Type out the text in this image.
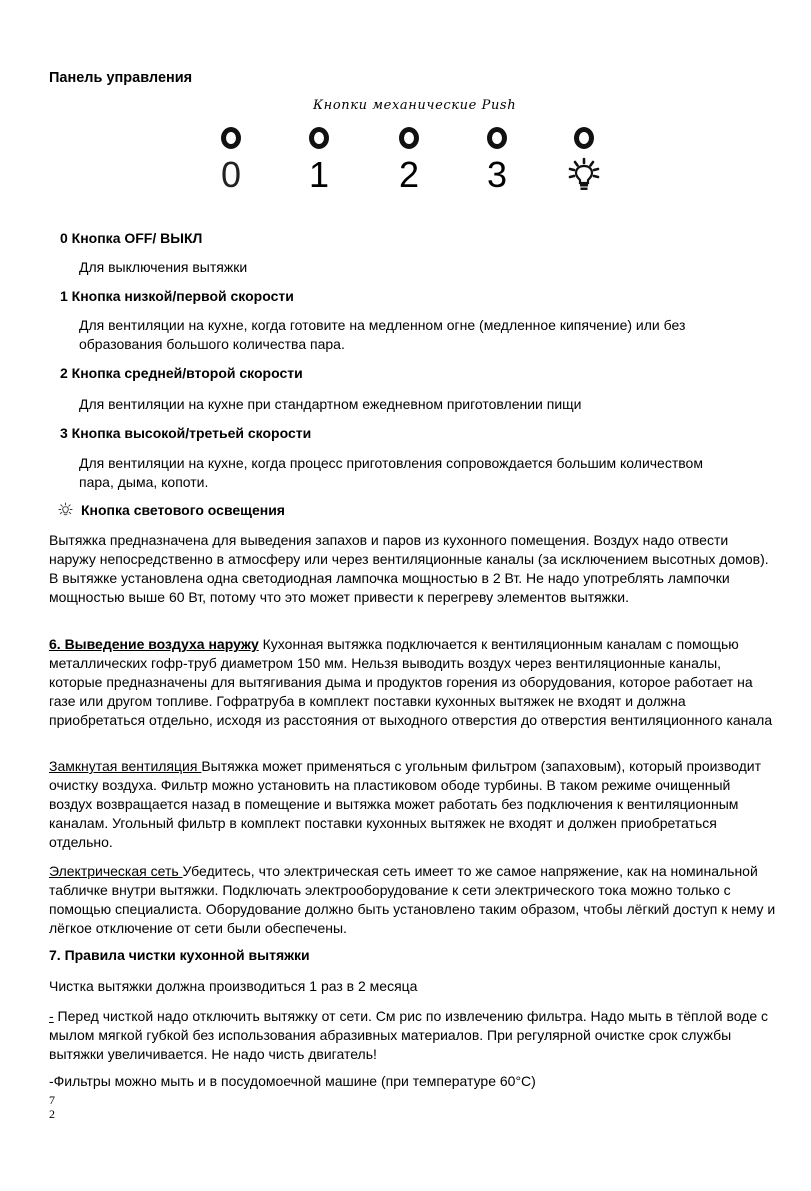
Панель управления
Кнопки механические Push
0	1	2	3
0 Кнопка OFF/ ВЫКЛ
Для выключения вытяжки
1 Кнопка низкой/первой скорости
Для вентиляции на кухне, когда готовите на медленном огне (медленное кипячение) или без
образования большого количества пара.
2 Кнопка средней/второй скорости
Для вентиляции на кухне при стандартном ежедневном приготовлении пищи
3 Кнопка высокой/третьей скорости
Для вентиляции на кухне, когда процесс приготовления сопровождается большим количеством
пара, дыма, копоти.
Кнопка светового освещения
Вытяжка предназначена для выведения запахов и паров из кухонного помещения. Воздух надо отвести наружу непосредственно в атмосферу или через вентиляционные каналы (за исключением высотных домов). В вытяжке установлена одна светодиодная лампочка мощностью в 2 Вт. Не надо употреблять лампочки мощностью выше 60 Вт, потому что это может привести к перегреву элементов вытяжки.
6. Выведение воздуха наружу Кухонная вытяжка подключается к вентиляционным каналам с помощью металлических гофр-труб диаметром 150 мм. Нельзя выводить воздух через вентиляционные каналы, которые предназначены для вытягивания дыма и продуктов горения из оборудования, которое работает на газе или другом топливе. Гофратруба в комплект поставки кухонных вытяжек не входят и должна приобретаться отдельно, исходя из расстояния от выходного отверстия до отверстия вентиляционного канала
Замкнутая вентиляция Вытяжка может применяться с угольным фильтром (запаховым), который производит очистку воздуха. Фильтр можно установить на пластиковом ободе турбины. В таком режиме очищенный воздух возвращается назад в помещение и вытяжка может работать без подключения к вентиляционным каналам. Угольный фильтр в комплект поставки кухонных вытяжек не входят и должен приобретаться отдельно.
Электрическая сеть Убедитесь, что электрическая сеть имеет то же самое напряжение, как на номинальной табличке внутри вытяжки. Подключать электрооборудование к сети электрического тока можно только с помощью специалиста. Оборудование должно быть установлено таким образом, чтобы лёгкий доступ к нему и лёгкое отключение от сети были обеспечены.
7. Правила чистки кухонной вытяжки
Чистка вытяжки должна производиться 1 раз в 2 месяца
- Перед чисткой надо отключить вытяжку от сети. См рис по извлечению фильтра. Надо мыть в тёплой воде с мылом мягкой губкой без использования абразивных материалов. При регулярной очистке срок службы вытяжки увеличивается. Не надо чисть двигатель!
-Фильтры можно мыть и в посудомоечной машине (при температуре 60°С)
7
2
